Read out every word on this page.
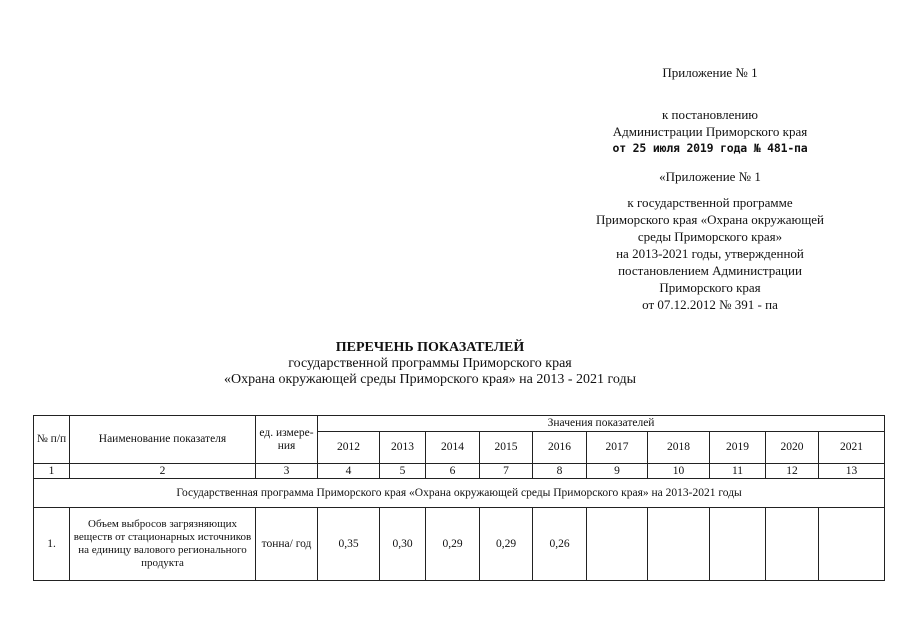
Приложение № 1
к постановлению
Администрации Приморского края
от 25 июля 2019 года № 481-па
«Приложение № 1
к государственной программе
Приморского края «Охрана окружающей
среды Приморского края»
на 2013-2021 годы, утвержденной
постановлением Администрации
Приморского края
от 07.12.2012 № 391 - па
ПЕРЕЧЕНЬ ПОКАЗАТЕЛЕЙ
государственной программы Приморского края
«Охрана окружающей среды Приморского края» на 2013 - 2021 годы
№ п/п	Наименование показателя	ед. измере-ния	Значения показателей									
			2012	2013	2014	2015	2016	2017	2018	2019	2020	2021
1	2	3	4	5	6	7	8	9	10	11	12	13
Государственная программа Приморского края «Охрана окружающей среды Приморского края» на 2013-2021 годы												
1.	Объем выбросов загрязняющих веществ от стационарных источников на единицу валового регионального продукта	тонна/ год	0,35	0,30	0,29	0,29	0,26					
